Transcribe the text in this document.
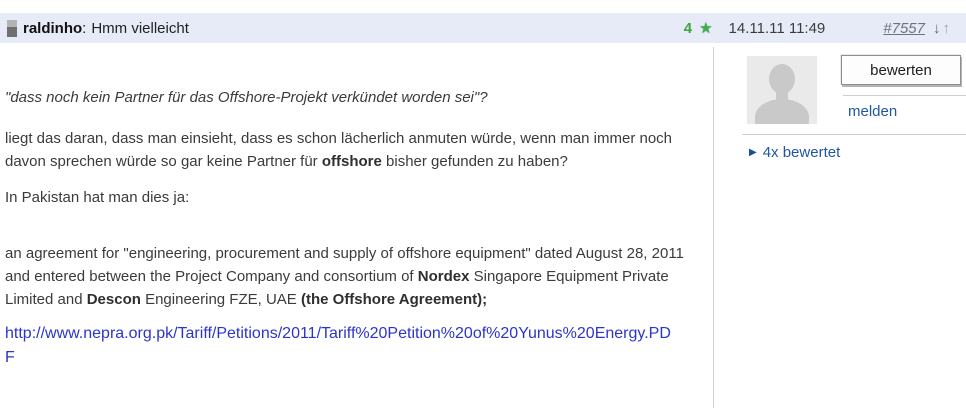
raldinho : Hmm vielleicht	4 ★ 14.11.11 11:49	#7557 ↓ ↑

"dass noch kein Partner für das Offshore-Projekt verkündet worden sei"?

liegt das daran, dass man einsieht, dass es schon lächerlich anmuten würde, wenn man immer noch davon sprechen würde so gar keine Partner für offshore bisher gefunden zu haben?

In Pakistan hat man dies ja:

an agreement for "engineering, procurement and supply of offshore equipment" dated August 28, 2011 and entered between the Project Company and consortium of Nordex Singapore Equipment Private Limited and Descon Engineering FZE, UAE (the Offshore Agreement);

http://www.nepra.org.pk/Tariff/Petitions/2011/Tariff%20Petition%20of%20Yunus%20Energy.PDF

bewerten
melden
▶ 4x bewertet
